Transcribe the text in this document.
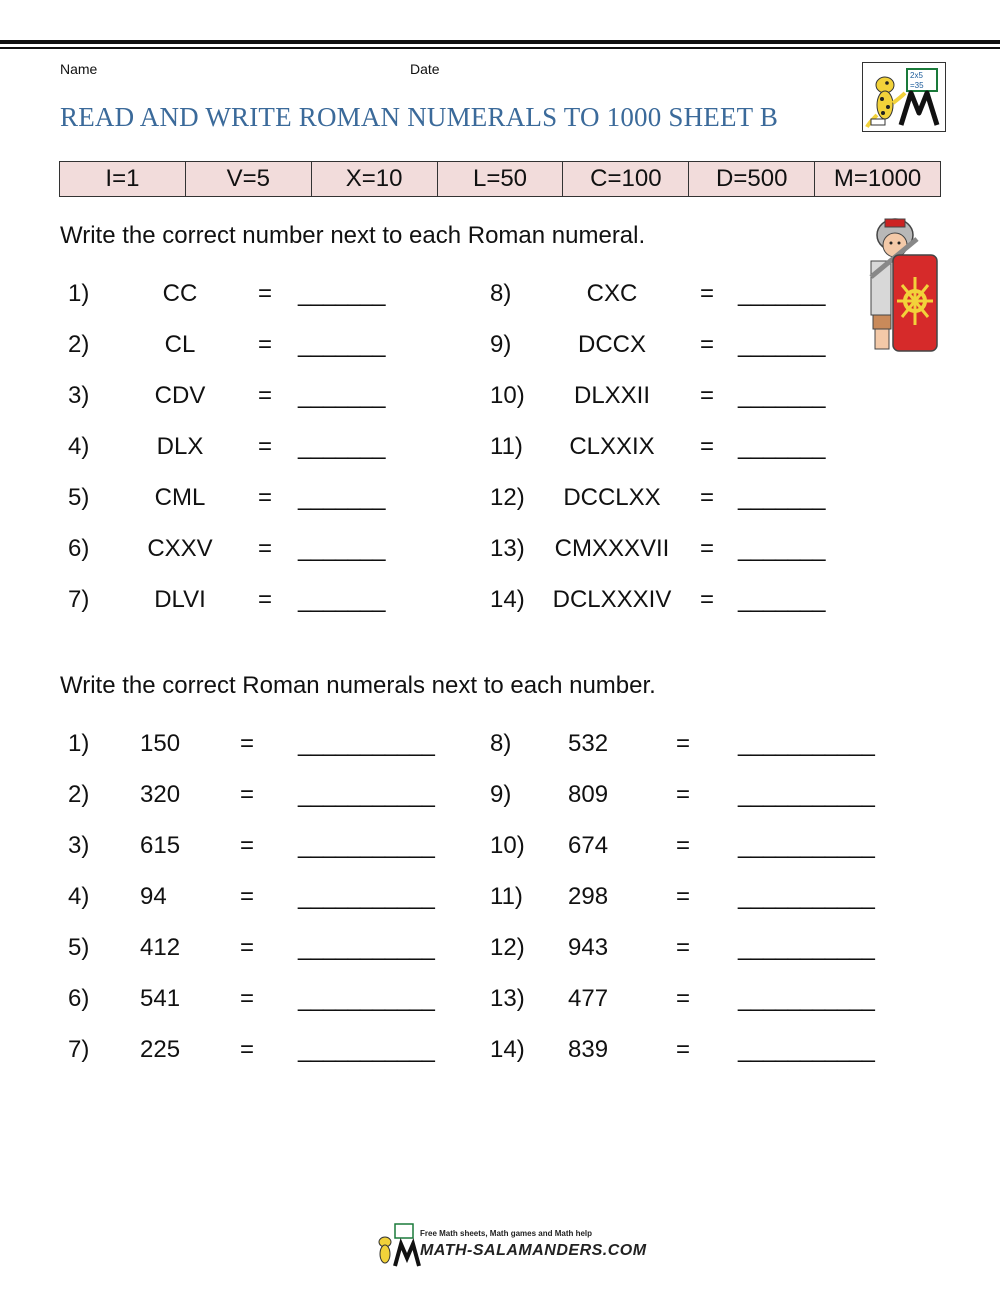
Name	Date
READ AND WRITE ROMAN NUMERALS TO 1000 SHEET B
2x5
=35
I=1	V=5	X=10	L=50	C=100	D=500	M=1000
Write the correct number next to each Roman numeral.
1)	CC	= _______
2)	CL	= _______
3)	CDV	= _______
4)	DLX	= _______
5)	CML	= _______
6)	CXXV	= _______
7)	DLVI	= _______
8)	CXC	= _______
9)	DCCX	= _______
10)	DLXXII	= _______
11)	CLXXIX	= _______
12)	DCCLXX	= _______
13)	CMXXXVII	= _______
14)	DCLXXXIV	= _______
Write the correct Roman numerals next to each number.
1) 150 = ___________
2) 320 = ___________
3) 615 = ___________
4) 94	= ___________
5) 412 = ___________
6) 541 = ___________
7) 225 = ___________
8) 532	= ___________
9) 809	= ___________
10) 674	= ___________
11) 298	= ___________
12) 943	= ___________
13) 477	= ___________
14) 839	= ___________
Free Math sheets, Math games and Math help
MATH-SALAMANDERS.COM
